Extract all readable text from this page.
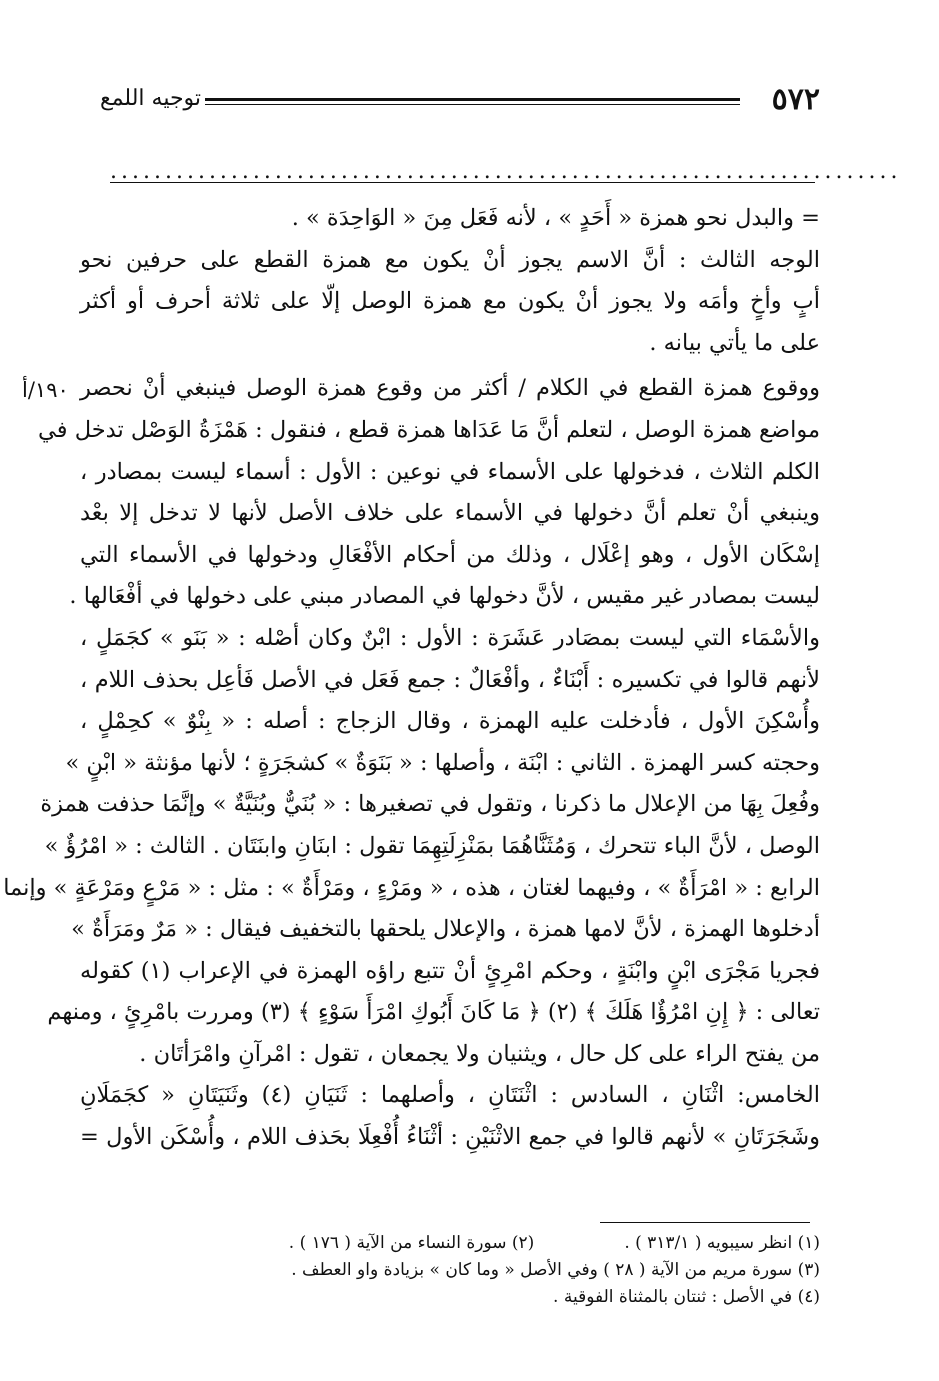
٥٧٢
توجيه اللمع
........................................................................
= والبدل نحو همزة « أَحَدٍ » ، لأنه فَعَل مِنَ « الوَاحِدَة » .
الوجه الثالث : أنَّ الاسم يجوز أنْ يكون مع همزة القطع على حرفين نحو
أبٍ وأخٍ وأمَه ولا يجوز أنْ يكون مع همزة الوصل إلّا على ثلاثة أحرف أو أكثر
على ما يأتي بيانه .
ووقوع همزة القطع في الكلام / أكثر من وقوع همزة الوصل فينبغي أنْ نحصر
مواضع همزة الوصل ، لتعلم أنَّ مَا عَدَاها همزة قطع ، فنقول : هَمْزَةُ الوَصْل تدخل في
الكلم الثلاث ، فدخولها على الأسماء في نوعين : الأول : أسماء ليست بمصادر ،
وينبغي أنْ تعلم أنَّ دخولها في الأسماء على خلاف الأصل لأنها لا تدخل إلا بعْد
إسْكَان الأول ، وهو إعْلَال ، وذلك من أحكام الأفْعَالِ ودخولها في الأسماء التي
ليست بمصادر غير مقيس ، لأنَّ دخولها في المصادر مبني على دخولها في أفْعَالها .
والأسْمَاء التي ليست بمصَادر عَشَرَة : الأول : ابْنٌ وكان أصْله : « بَنَو » كجَمَلٍ ،
لأنهم قالوا في تكسيره : أَبْنَاءٌ ، وأفْعَالٌ : جمع فَعَل في الأصل فَأعِل بحذف اللام ،
وأُسْكِنَ الأول ، فأدخلت عليه الهمزة ، وقال الزجاج : أصله : « بِنْوٌ » كحِمْلٍ ،
وحجته كسر الهمزة . الثاني : ابْنَة ، وأصلها : « بَنَوَةٌ » كشجَرَةٍ ؛ لأنها مؤنثة « ابْنٍ »
وفُعِلَ بِهَا من الإعلال ما ذكرنا ، وتقول في تصغيرها : « بُنَيٌّ وبُنَيَّةٌ » وإنَّمَا حذفت همزة
الوصل ، لأنَّ الباء تتحرك ، وَمُثَنَّاهُمَا بمَنْزِلَتِهِمَا تقول : ابنَانِ وابنَتَان . الثالث : « امْرُؤٌ »
الرابع : « امْرَأَةٌ » ، وفيهما لغتان ، هذه ، « ومَرْءٍ ، ومَرْأَةٌ » : مثل : « مَرْعٍ ومَرْعَةٍ » وإنما
أدخلوها الهمزة ، لأنَّ لامها همزة ، والإعلال يلحقها بالتخفيف فيقال : « مَرٌ ومَرَأَةٌ »
فجريا مَجْرَى ابْنٍ وابْنَةٍ ، وحكم امْرِئٍ أنْ تتبع راؤه الهمزة في الإعراب (١) كقوله
تعالى : ﴿ إِنِ امْرُؤٌا هَلَكَ ﴾ (٢) ﴿ مَا كَانَ أَبُوكِ امْرَأَ سَوْءٍ ﴾ (٣) ومررت بامْرِئٍ ، ومنهم
من يفتح الراء على كل حال ، ويثنيان ولا يجمعان ، تقول : امْرآنِ وامْرَأتَان .
الخامس: اثْنَانِ ، السادس : اثْنَتَانِ ، وأصلهما : ثَنَيَانِ (٤) وثَنَيَتَانِ « كجَمَلَانِ
وشَجَرَتَانِ » لأنهم قالوا في جمع الاثْنَيْنِ : أثْنَاءُ أُفْعِلَا بحَذف اللام ، وأُسْكَن الأول =
١٩٠/أ
(١) انظر سيبويه ( ٣١٣/١ ) .(٢) سورة النساء من الآية ( ١٧٦ ) .
(٣) سورة مريم من الآية ( ٢٨ ) وفي الأصل « وما كان » بزيادة واو العطف .
(٤) في الأصل : ثنتان بالمثناة الفوقية .
